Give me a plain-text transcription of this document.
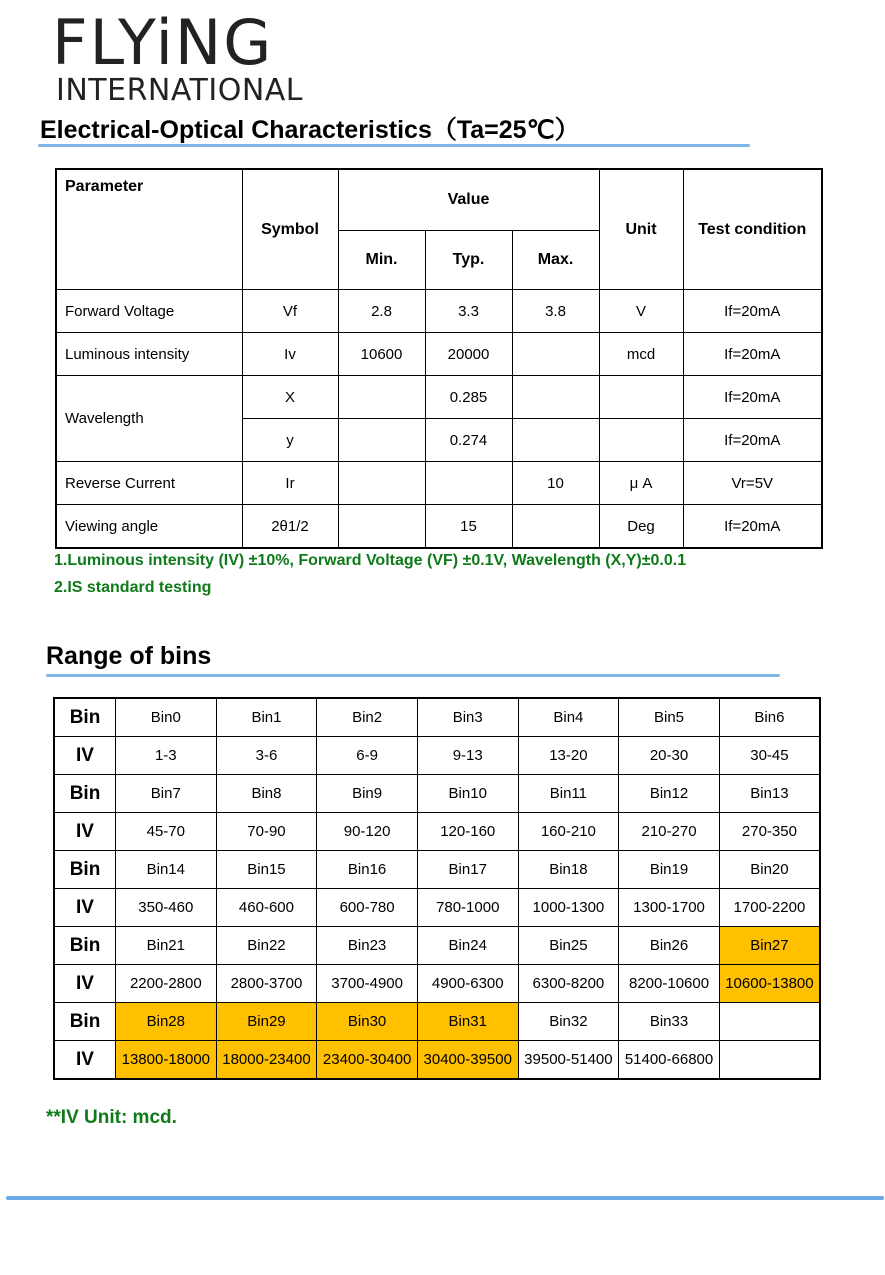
FLYiNG
INTERNATIONAL
Electrical-Optical Characteristics（Ta=25℃）
Parameter	Symbol	Value			Unit	Test condition
		Min.	Typ.	Max.		
Forward Voltage	Vf	2.8	3.3	3.8	V	If=20mA
Luminous intensity	Iv	10600	20000		mcd	If=20mA
Wavelength	X		0.285			If=20mA
	y		0.274			If=20mA
Reverse Current	Ir			10	μ A	Vr=5V
Viewing angle	2θ1/2		15		Deg	If=20mA
1.Luminous intensity (IV) ±10%, Forward Voltage (VF) ±0.1V, Wavelength (X,Y)±0.0.1
2.IS standard testing
Range of bins
Bin	Bin0	Bin1	Bin2	Bin3	Bin4	Bin5	Bin6
IV	1-3	3-6	6-9	9-13	13-20	20-30	30-45
Bin	Bin7	Bin8	Bin9	Bin10	Bin11	Bin12	Bin13
IV	45-70	70-90	90-120	120-160	160-210	210-270	270-350
Bin	Bin14	Bin15	Bin16	Bin17	Bin18	Bin19	Bin20
IV	350-460	460-600	600-780	780-1000	1000-1300	1300-1700	1700-2200
Bin	Bin21	Bin22	Bin23	Bin24	Bin25	Bin26	Bin27
IV	2200-2800	2800-3700	3700-4900	4900-6300	6300-8200	8200-10600	10600-13800
Bin	Bin28	Bin29	Bin30	Bin31	Bin32	Bin33	
IV	13800-18000	18000-23400	23400-30400	30400-39500	39500-51400	51400-66800	
**IV Unit: mcd.
